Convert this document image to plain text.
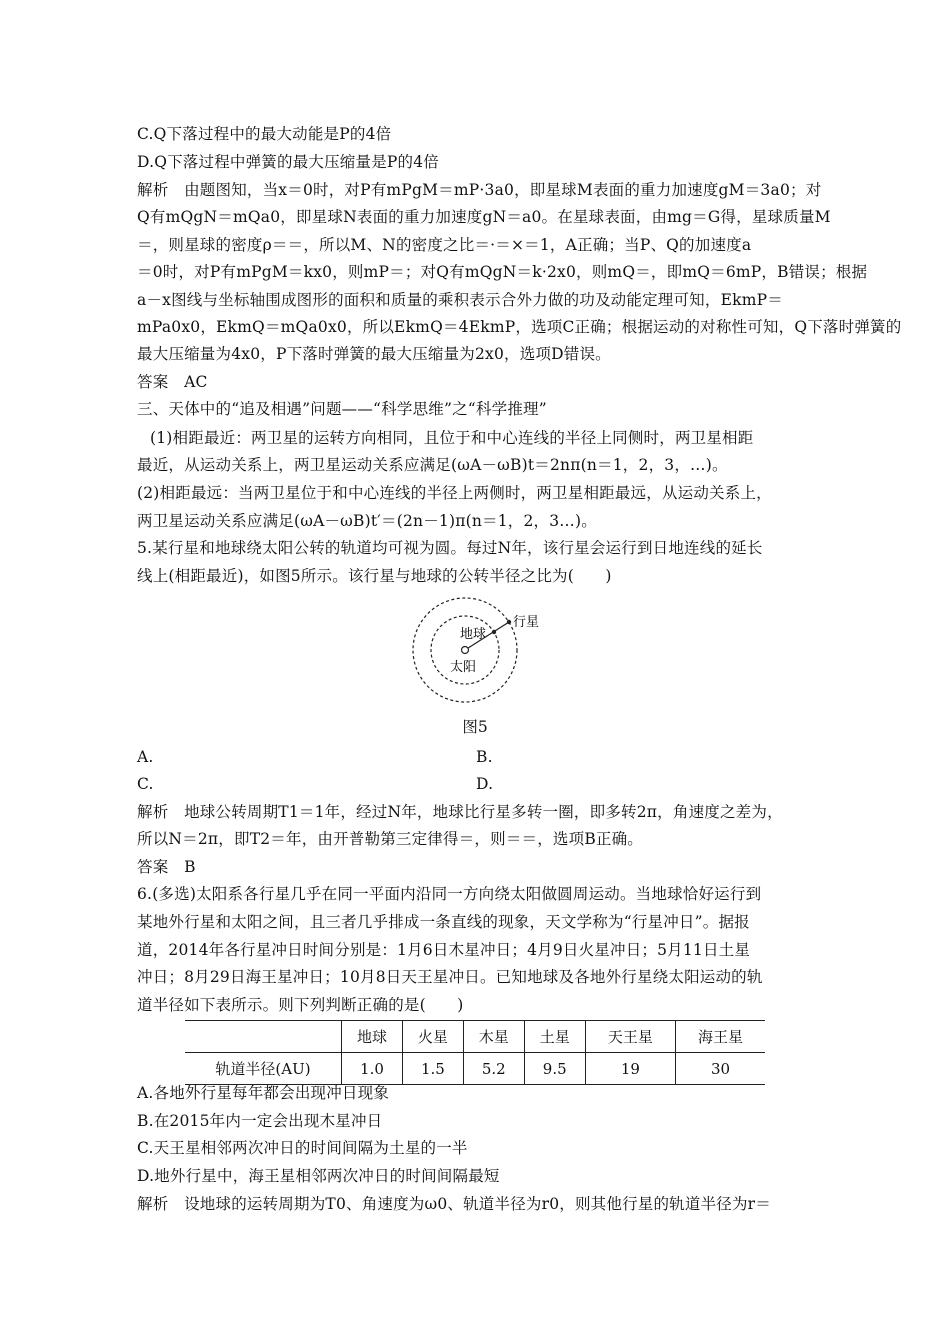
C.Q下落过程中的最大动能是P的4倍
D.Q下落过程中弹簧的最大压缩量是P的4倍
解析　由题图知，当x＝0时，对P有mPgM＝mP·3a0，即星球M表面的重力加速度gM＝3a0；对
Q有mQgN＝mQa0，即星球N表面的重力加速度gN＝a0。在星球表面，由mg＝G得，星球质量M
＝，则星球的密度ρ＝＝，所以M、N的密度之比＝·＝×＝1，A正确；当P、Q的加速度a
＝0时，对P有mPgM＝kx0，则mP＝；对Q有mQgN＝k·2x0，则mQ＝，即mQ＝6mP，B错误；根据
a－x图线与坐标轴围成图形的面积和质量的乘积表示合外力做的功及动能定理可知，EkmP＝
mPa0x0，EkmQ＝mQa0x0，所以EkmQ＝4EkmP，选项C正确；根据运动的对称性可知，Q下落时弹簧的
最大压缩量为4x0，P下落时弹簧的最大压缩量为2x0，选项D错误。
答案　AC
三、天体中的“追及相遇”问题——“科学思维”之“科学推理”
(1)相距最近：两卫星的运转方向相同，且位于和中心连线的半径上同侧时，两卫星相距
最近，从运动关系上，两卫星运动关系应满足(ωA－ωB)t＝2nπ(n＝1，2，3，…)。
(2)相距最远：当两卫星位于和中心连线的半径上两侧时，两卫星相距最远，从运动关系上，
两卫星运动关系应满足(ωA－ωB)t′＝(2n－1)π(n＝1，2，3…)。
5.某行星和地球绕太阳公转的轨道均可视为圆。每过N年，该行星会运行到日地连线的延长
线上(相距最近)，如图5所示。该行星与地球的公转半径之比为(　　)
行星
地球
太阳
图5
A.	B.
C.	D.
解析　地球公转周期T1＝1年，经过N年，地球比行星多转一圈，即多转2π，角速度之差为，
所以N＝2π，即T2＝年，由开普勒第三定律得＝，则＝＝，选项B正确。
答案　B
6.(多选)太阳系各行星几乎在同一平面内沿同一方向绕太阳做圆周运动。当地球恰好运行到
某地外行星和太阳之间，且三者几乎排成一条直线的现象，天文学称为“行星冲日”。据报
道，2014年各行星冲日时间分别是：1月6日木星冲日；4月9日火星冲日；5月11日土星
冲日；8月29日海王星冲日；10月8日天王星冲日。已知地球及各地外行星绕太阳运动的轨
道半径如下表所示。则下列判断正确的是(　　)
	地球	火星	木星	土星	天王星	海王星
轨道半径(AU)	1.0	1.5	5.2	9.5	19	30
A.各地外行星每年都会出现冲日现象
B.在2015年内一定会出现木星冲日
C.天王星相邻两次冲日的时间间隔为土星的一半
D.地外行星中，海王星相邻两次冲日的时间间隔最短
解析　设地球的运转周期为T0、角速度为ω0、轨道半径为r0，则其他行星的轨道半径为r＝
